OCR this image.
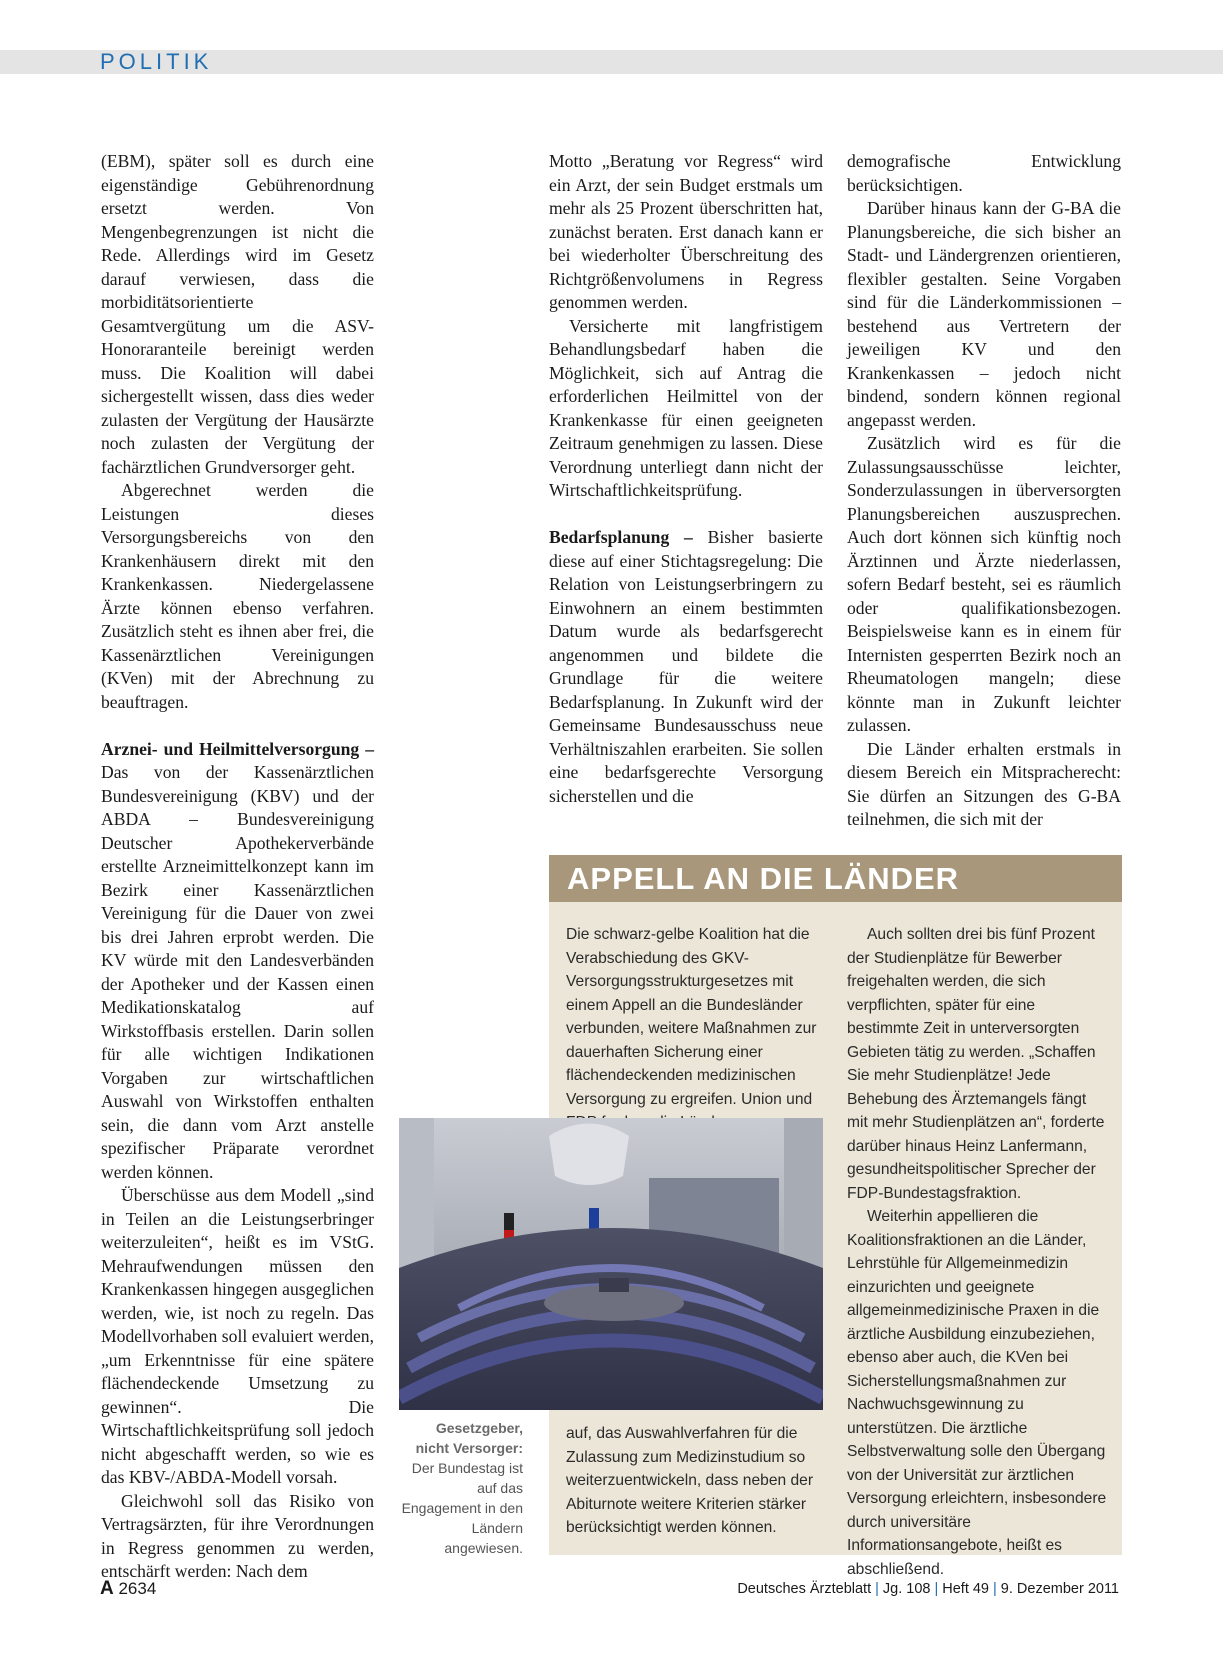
POLITIK

(EBM), später soll es durch eine eigenständige Gebührenordnung ersetzt werden. Von Mengenbegrenzungen ist nicht die Rede. Allerdings wird im Gesetz darauf verwiesen, dass die morbiditätsorientierte Gesamtvergütung um die ASV-Honoraranteile bereinigt werden muss. Die Koalition will dabei sichergestellt wissen, dass dies weder zulasten der Vergütung der Hausärzte noch zulasten der Vergütung der fachärztlichen Grundversorger geht.

Abgerechnet werden die Leistungen dieses Versorgungsbereichs von den Krankenhäusern direkt mit den Krankenkassen. Niedergelassene Ärzte können ebenso verfahren. Zusätzlich steht es ihnen aber frei, die Kassenärztlichen Vereinigungen (KVen) mit der Abrechnung zu beauftragen.

Arznei- und Heilmittelversorgung – Das von der Kassenärztlichen Bundesvereinigung (KBV) und der ABDA – Bundesvereinigung Deutscher Apothekerverbände erstellte Arzneimittelkonzept kann im Bezirk einer Kassenärztlichen Vereinigung für die Dauer von zwei bis drei Jahren erprobt werden. Die KV würde mit den Landesverbänden der Apotheker und der Kassen einen Medikationskatalog auf Wirkstoffbasis erstellen. Darin sollen für alle wichtigen Indikationen Vorgaben zur wirtschaftlichen Auswahl von Wirkstoffen enthalten sein, die dann vom Arzt anstelle spezifischer Präparate verordnet werden können.

Überschüsse aus dem Modell „sind in Teilen an die Leistungserbringer weiterzuleiten“, heißt es im VStG. Mehraufwendungen müssen den Krankenkassen hingegen ausgeglichen werden, wie, ist noch zu regeln. Das Modellvorhaben soll evaluiert werden, „um Erkenntnisse für eine spätere flächendeckende Umsetzung zu gewinnen“. Die Wirtschaftlichkeitsprüfung soll jedoch nicht abgeschafft werden, so wie es das KBV-/ABDA-Modell vorsah.

Gleichwohl soll das Risiko von Vertragsärzten, für ihre Verordnungen in Regress genommen zu werden, entschärft werden: Nach dem

Motto „Beratung vor Regress“ wird ein Arzt, der sein Budget erstmals um mehr als 25 Prozent überschritten hat, zunächst beraten. Erst danach kann er bei wiederholter Überschreitung des Richtgrößenvolumens in Regress genommen werden.

Versicherte mit langfristigem Behandlungsbedarf haben die Möglichkeit, sich auf Antrag die erforderlichen Heilmittel von der Krankenkasse für einen geeigneten Zeitraum genehmigen zu lassen. Diese Verordnung unterliegt dann nicht der Wirtschaftlichkeitsprüfung.

Bedarfsplanung – Bisher basierte diese auf einer Stichtagsregelung: Die Relation von Leistungserbringern zu Einwohnern an einem bestimmten Datum wurde als bedarfsgerecht angenommen und bildete die Grundlage für die weitere Bedarfsplanung. In Zukunft wird der Gemeinsame Bundesausschuss neue Verhältniszahlen erarbeiten. Sie sollen eine bedarfsgerechte Versorgung sicherstellen und die

demografische Entwicklung berücksichtigen.

Darüber hinaus kann der G-BA die Planungsbereiche, die sich bisher an Stadt- und Ländergrenzen orientieren, flexibler gestalten. Seine Vorgaben sind für die Länderkommissionen – bestehend aus Vertretern der jeweiligen KV und den Krankenkassen – jedoch nicht bindend, sondern können regional angepasst werden.

Zusätzlich wird es für die Zulassungsausschüsse leichter, Sonderzulassungen in überversorgten Planungsbereichen auszusprechen. Auch dort können sich künftig noch Ärztinnen und Ärzte niederlassen, sofern Bedarf besteht, sei es räumlich oder qualifikationsbezogen. Beispielsweise kann es in einem für Internisten gesperrten Bezirk noch an Rheumatologen mangeln; diese könnte man in Zukunft leichter zulassen.

Die Länder erhalten erstmals in diesem Bereich ein Mitspracherecht: Sie dürfen an Sitzungen des G-BA teilnehmen, die sich mit der

APPELL AN DIE LÄNDER

Die schwarz-gelbe Koalition hat die Verabschiedung des GKV-Versorgungsstrukturgesetzes mit einem Appell an die Bundesländer verbunden, weitere Maßnahmen zur dauerhaften Sicherung einer flächendeckenden medizinischen Versorgung zu ergreifen. Union und

auf, das Auswahlverfahren für die Zulassung zum Medizinstudium so weiterzuentwickeln, dass neben der Abiturnote weitere Kriterien stärker berücksichtigt werden können.

Auch sollten drei bis fünf Prozent der Studienplätze für Bewerber freigehalten werden, die sich verpflichten, später für eine bestimmte Zeit in unterversorgten Gebieten tätig zu werden. „Schaffen Sie mehr Studienplätze! Jede Behebung des Ärztemangels fängt mit mehr Studienplätzen an“, forderte darüber hinaus Heinz Lanfermann, gesundheitspolitischer Sprecher der FDP-Bundestagsfraktion.

Weiterhin appellieren die Koalitionsfraktionen an die Länder, Lehrstühle für Allgemeinmedizin einzurichten und geeignete allgemeinmedizinische Praxen in die ärztliche Ausbildung einzubeziehen, ebenso aber auch, die KVen bei Sicherstellungsmaßnahmen zur Nachwuchsgewinnung zu unterstützen. Die ärztliche Selbstverwaltung solle den Übergang von der Universität zur ärztlichen Versorgung erleichtern, insbesondere durch universitäre Informationsangebote, heißt es abschließend.

Gesetzgeber, nicht Versorger:
Der Bundestag ist auf das Engagement in den Ländern angewiesen.
A 2634	Deutsches Ärzteblatt | Jg. 108 | Heft 49 | 9. Dezember 2011
